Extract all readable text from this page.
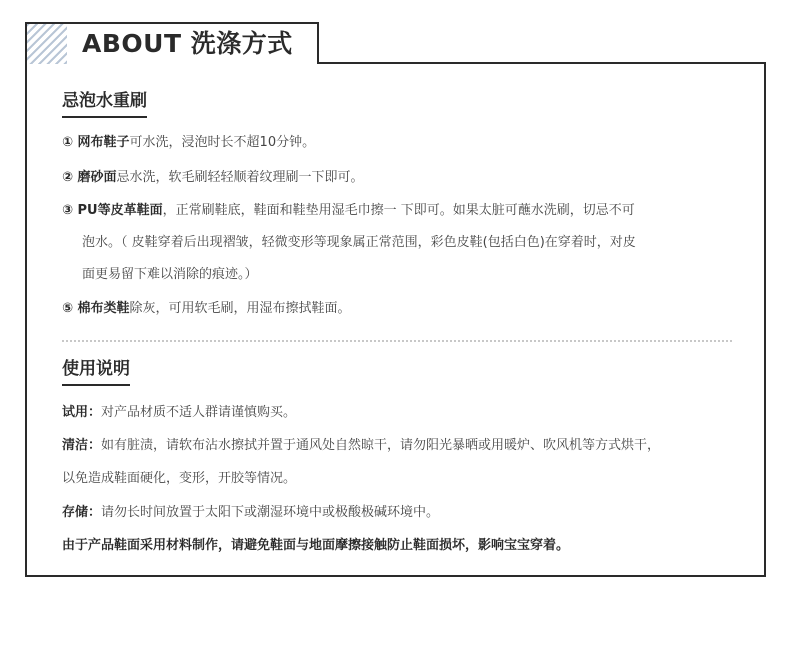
ABOUT 洗涤方式
忌泡水重刷
① 网布鞋子可水洗，浸泡时长不超10分钟。
② 磨砂面忌水洗，软毛刷轻轻顺着纹理刷一下即可。
③ PU等皮革鞋面，正常刷鞋底，鞋面和鞋垫用湿毛巾擦一 下即可。如果太脏可蘸水洗刷，切忌不可
泡水。（ 皮鞋穿着后出现褶皱，轻微变形等现象属正常范围，彩色皮鞋(包括白色)在穿着时，对皮
面更易留下难以消除的痕迹。）
⑤ 棉布类鞋除灰，可用软毛刷，用湿布擦拭鞋面。
使用说明
试用：对产品材质不适人群请谨慎购买。
清洁：如有脏渍，请软布沾水擦拭并置于通风处自然晾干，请勿阳光暴晒或用暖炉、吹风机等方式烘干，
以免造成鞋面硬化，变形，开胶等情况。
存储：请勿长时间放置于太阳下或潮湿环境中或极酸极碱环境中。
由于产品鞋面采用材料制作，请避免鞋面与地面摩擦接触防止鞋面损坏，影响宝宝穿着。
